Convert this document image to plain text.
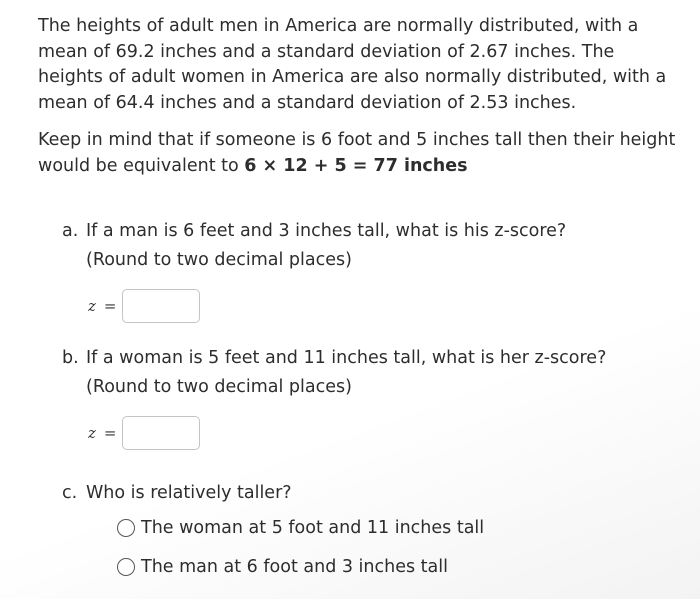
The heights of adult men in America are normally distributed, with a mean of 69.2 inches and a standard deviation of 2.67 inches. The heights of adult women in America are also normally distributed, with a mean of 64.4 inches and a standard deviation of 2.53 inches.

Keep in mind that if someone is 6 foot and 5 inches tall then their height would be equivalent to 6 × 12 + 5 = 77 inches

a. If a man is 6 feet and 3 inches tall, what is his z-score?
(Round to two decimal places)
z =
b. If a woman is 5 feet and 11 inches tall, what is her z-score?
(Round to two decimal places)
z =
c. Who is relatively taller?
The woman at 5 foot and 11 inches tall
The man at 6 foot and 3 inches tall
